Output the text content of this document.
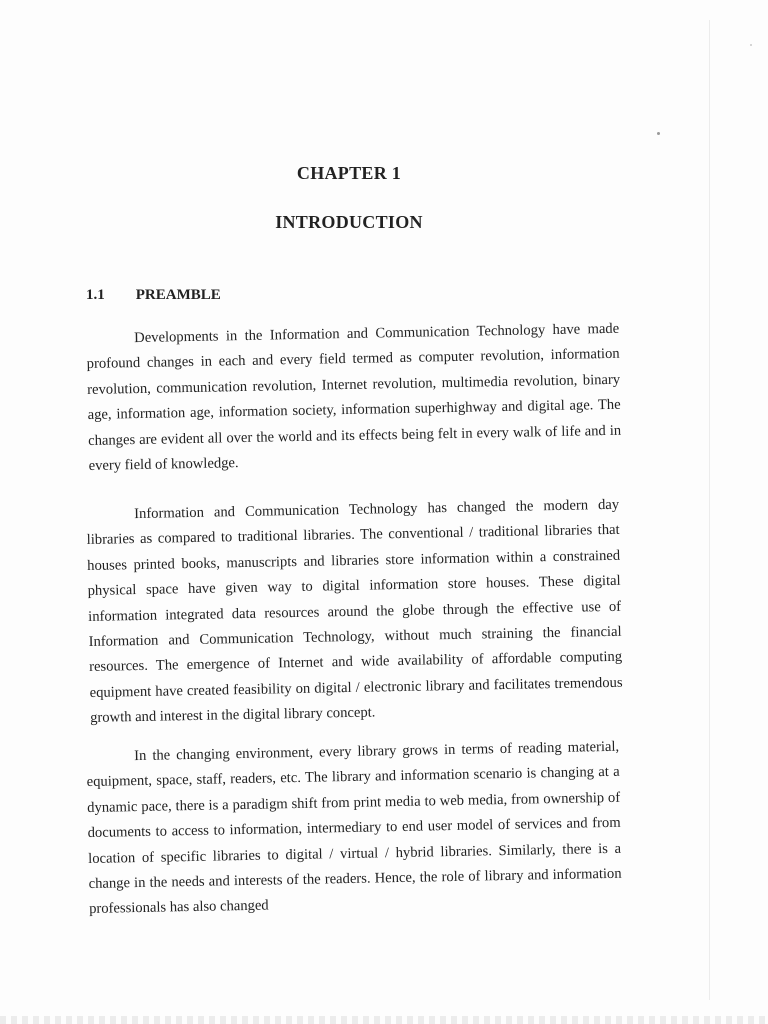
CHAPTER 1
INTRODUCTION
1.1 PREAMBLE

Developments in the Information and Communication Technology have made profound changes in each and every field termed as computer revolution, information revolution, communication revolution, Internet revolution, multimedia revolution, binary age, information age, information society, information superhighway and digital age. The changes are evident all over the world and its effects being felt in every walk of life and in every field of knowledge.

Information and Communication Technology has changed the modern day libraries as compared to traditional libraries. The conventional / traditional libraries that houses printed books, manuscripts and libraries store information within a constrained physical space have given way to digital information store houses. These digital information integrated data resources around the globe through the effective use of Information and Communication Technology, without much straining the financial resources. The emergence of Internet and wide availability of affordable computing equipment have created feasibility on digital / electronic library and facilitates tremendous growth and interest in the digital library concept.

In the changing environment, every library grows in terms of reading material, equipment, space, staff, readers, etc. The library and information scenario is changing at a dynamic pace, there is a paradigm shift from print media to web media, from ownership of documents to access to information, intermediary to end user model of services and from location of specific libraries to digital / virtual / hybrid libraries. Similarly, there is a change in the needs and interests of the readers. Hence, the role of library and information professionals has also changed
